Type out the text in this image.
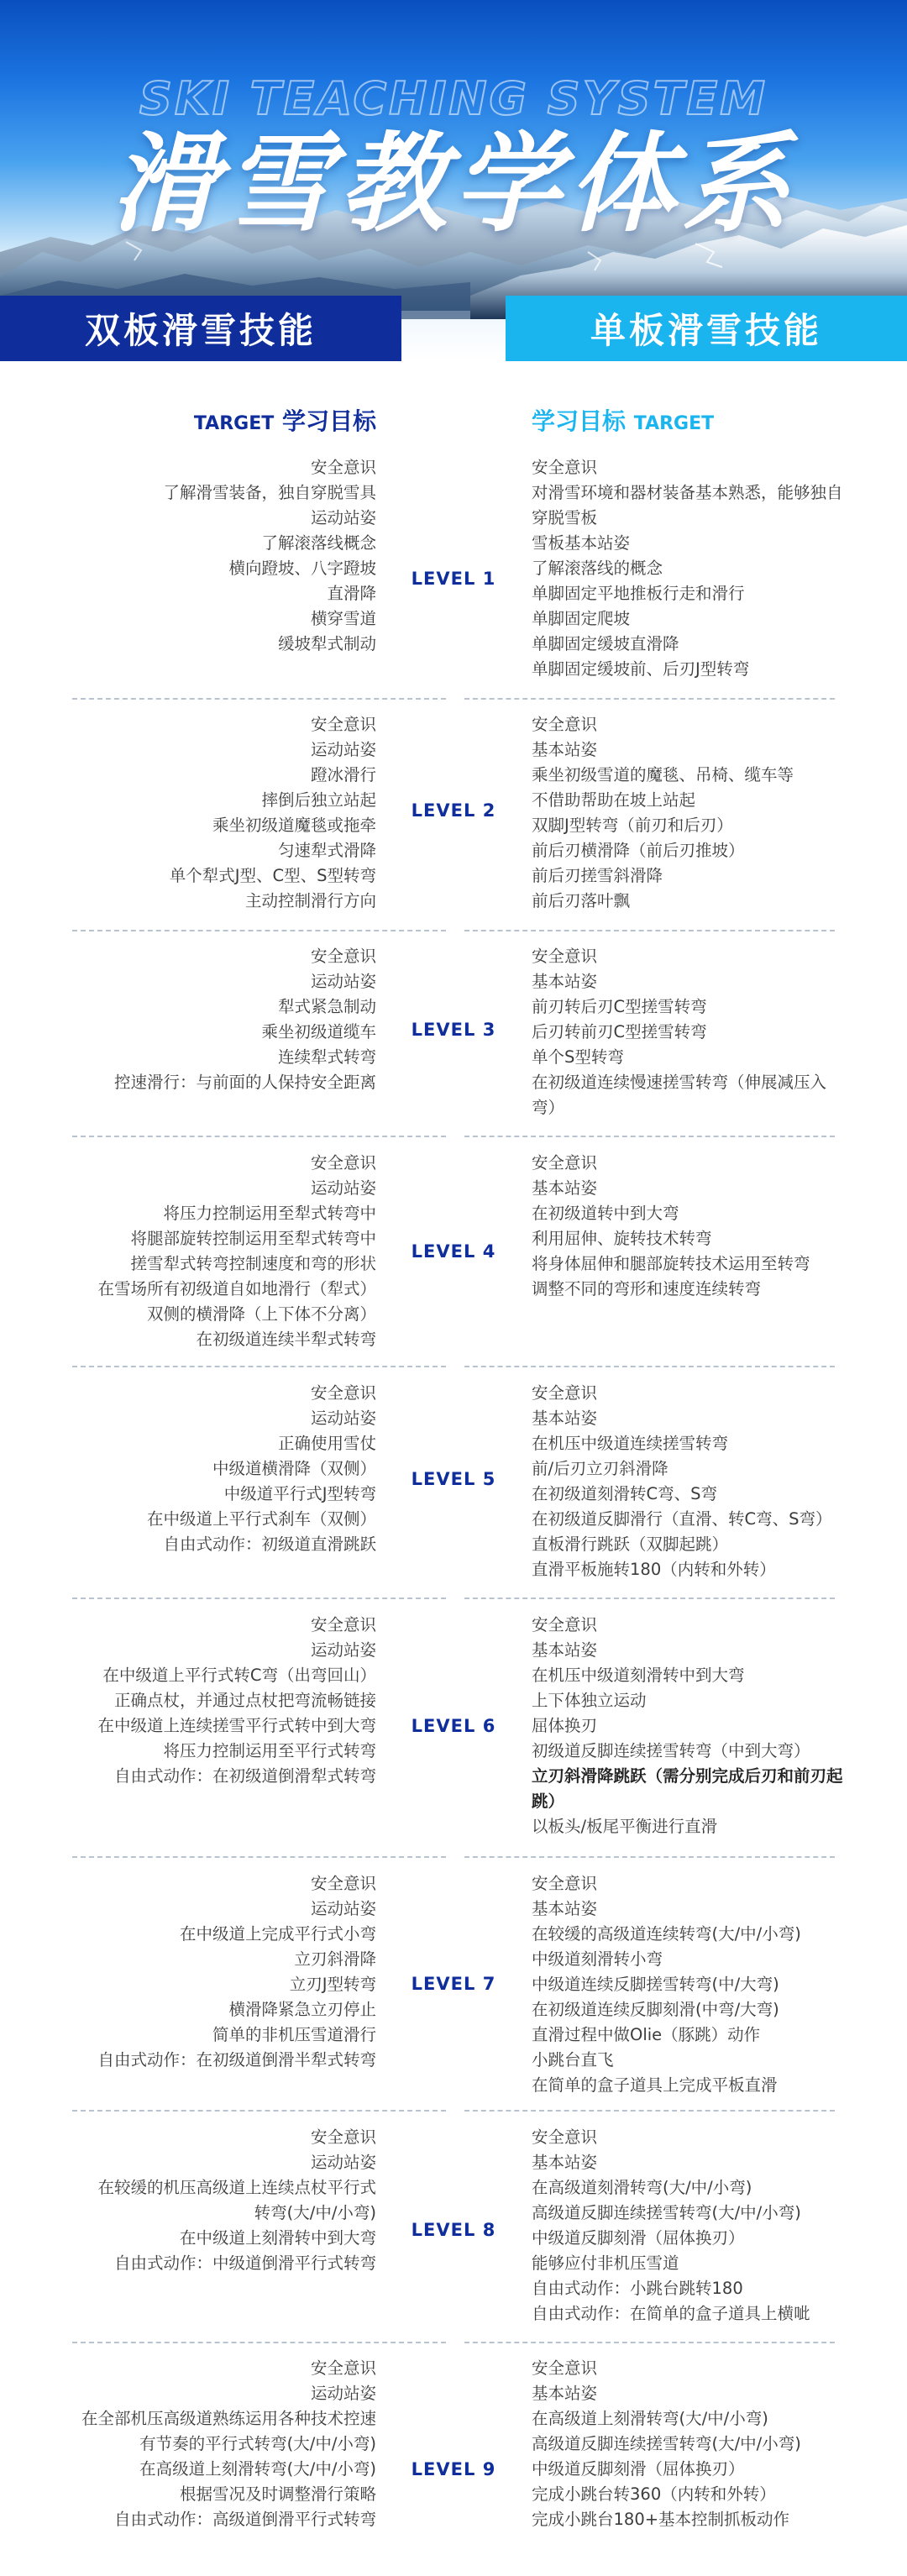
SKI TEACHING SYSTEM
滑雪教学体系
双板滑雪技能	单板滑雪技能
TARGET 学习目标	学习目标 TARGET
安全意识
了解滑雪装备，独自穿脱雪具
运动站姿
了解滚落线概念
横向蹬坡、八字蹬坡
直滑降
横穿雪道
缓坡犁式制动
LEVEL 1
安全意识
对滑雪环境和器材装备基本熟悉，能够独自穿脱雪板
雪板基本站姿
了解滚落线的概念
单脚固定平地推板行走和滑行
单脚固定爬坡
单脚固定缓坡直滑降
单脚固定缓坡前、后刃J型转弯
安全意识
运动站姿
蹬冰滑行
摔倒后独立站起
乘坐初级道魔毯或拖牵
匀速犁式滑降
单个犁式J型、C型、S型转弯
主动控制滑行方向
LEVEL 2
安全意识
基本站姿
乘坐初级雪道的魔毯、吊椅、缆车等
不借助帮助在坡上站起
双脚J型转弯（前刃和后刃）
前后刃横滑降（前后刃推坡）
前后刃搓雪斜滑降
前后刃落叶飘
安全意识
运动站姿
犁式紧急制动
乘坐初级道缆车
连续犁式转弯
控速滑行：与前面的人保持安全距离
LEVEL 3
安全意识
基本站姿
前刃转后刃C型搓雪转弯
后刃转前刃C型搓雪转弯
单个S型转弯
在初级道连续慢速搓雪转弯（伸展减压入弯）
安全意识
运动站姿
将压力控制运用至犁式转弯中
将腿部旋转控制运用至犁式转弯中
搓雪犁式转弯控制速度和弯的形状
在雪场所有初级道自如地滑行（犁式）
双侧的横滑降（上下体不分离）
在初级道连续半犁式转弯
LEVEL 4
安全意识
基本站姿
在初级道转中到大弯
利用屈伸、旋转技术转弯
将身体屈伸和腿部旋转技术运用至转弯
调整不同的弯形和速度连续转弯
安全意识
运动站姿
正确使用雪仗
中级道横滑降（双侧）
中级道平行式J型转弯
在中级道上平行式刹车（双侧）
自由式动作：初级道直滑跳跃
LEVEL 5
安全意识
基本站姿
在机压中级道连续搓雪转弯
前/后刃立刃斜滑降
在初级道刻滑转C弯、S弯
在初级道反脚滑行（直滑、转C弯、S弯）
直板滑行跳跃（双脚起跳）
直滑平板施转180（内转和外转）
安全意识
运动站姿
在中级道上平行式转C弯（出弯回山）
正确点杖，并通过点杖把弯流畅链接
在中级道上连续搓雪平行式转中到大弯
将压力控制运用至平行式转弯
自由式动作：在初级道倒滑犁式转弯
LEVEL 6
安全意识
基本站姿
在机压中级道刻滑转中到大弯
上下体独立运动
屈体换刃
初级道反脚连续搓雪转弯（中到大弯）
立刃斜滑降跳跃（需分别完成后刃和前刃起跳）
以板头/板尾平衡进行直滑
安全意识
运动站姿
在中级道上完成平行式小弯
立刃斜滑降
立刃J型转弯
横滑降紧急立刃停止
简单的非机压雪道滑行
自由式动作：在初级道倒滑半犁式转弯
LEVEL 7
安全意识
基本站姿
在较缓的高级道连续转弯(大/中/小弯)
中级道刻滑转小弯
中级道连续反脚搓雪转弯(中/大弯)
在初级道连续反脚刻滑(中弯/大弯)
直滑过程中做Olie（豚跳）动作
小跳台直飞
在简单的盒子道具上完成平板直滑
安全意识
运动站姿
在较缓的机压高级道上连续点杖平行式转弯(大/中/小弯)
在中级道上刻滑转中到大弯
自由式动作：中级道倒滑平行式转弯
LEVEL 8
安全意识
基本站姿
在高级道刻滑转弯(大/中/小弯)
高级道反脚连续搓雪转弯(大/中/小弯)
中级道反脚刻滑（屈体换刃）
能够应付非机压雪道
自由式动作：小跳台跳转180
自由式动作：在简单的盒子道具上横呲
安全意识
运动站姿
在全部机压高级道熟练运用各种技术控速
有节奏的平行式转弯(大/中/小弯)
在高级道上刻滑转弯(大/中/小弯)
根据雪况及时调整滑行策略
自由式动作：高级道倒滑平行式转弯
LEVEL 9
安全意识
基本站姿
在高级道上刻滑转弯(大/中/小弯)
高级道反脚连续搓雪转弯(大/中/小弯)
中级道反脚刻滑（屈体换刃）
完成小跳台转360（内转和外转）
完成小跳台180+基本控制抓板动作
